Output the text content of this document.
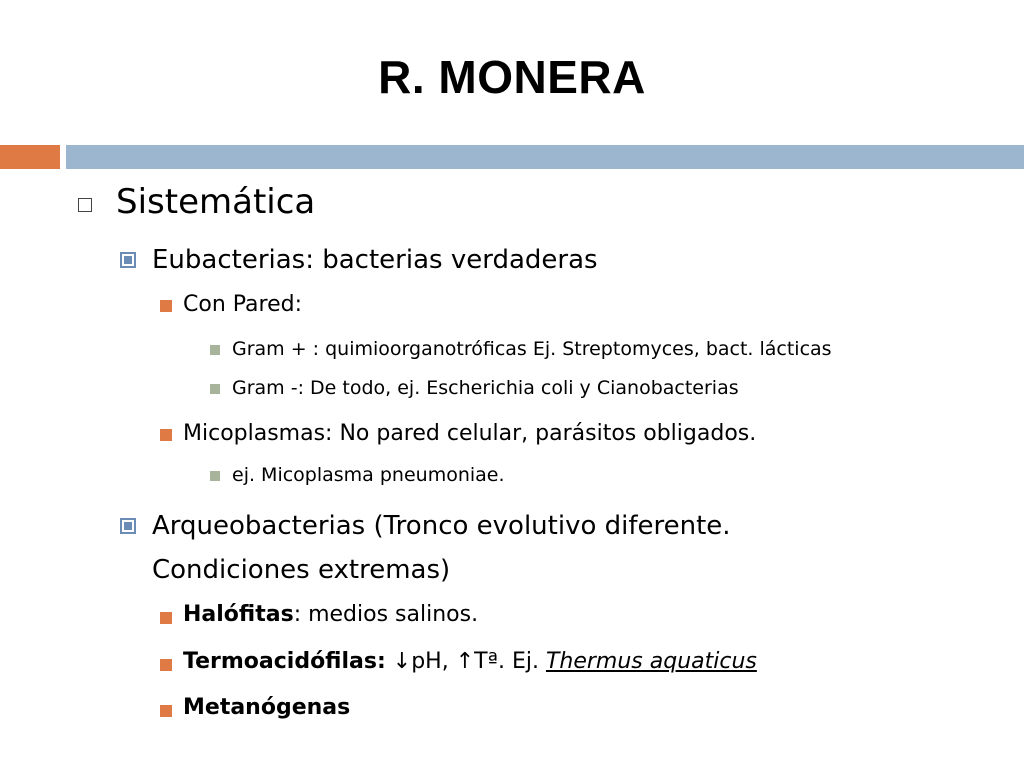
R. MONERA
Sistemática
Eubacterias: bacterias verdaderas
Con Pared:
Gram + : quimioorganotróficas Ej. Streptomyces, bact. lácticas
Gram -: De todo, ej. Escherichia coli y Cianobacterias
Micoplasmas: No pared celular, parásitos obligados.
ej. Micoplasma pneumoniae.
Arqueobacterias (Tronco evolutivo diferente.
Condiciones extremas)
Halófitas: medios salinos.
Termoacidófilas: ↓pH, ↑Tª. Ej. Thermus aquaticus
Metanógenas
